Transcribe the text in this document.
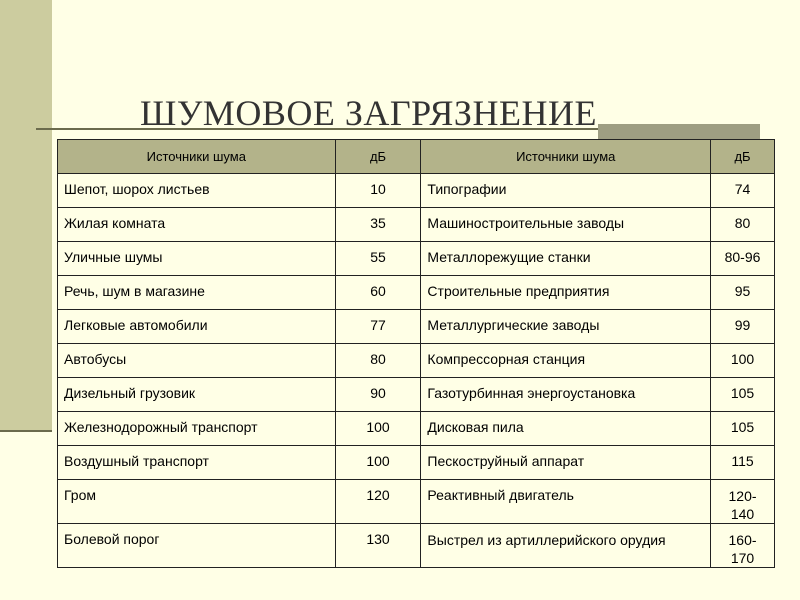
ШУМОВОЕ ЗАГРЯЗНЕНИЕ
Источники шума	дБ	Источники шума	дБ
Шепот, шорох листьев	10	Типографии	74
Жилая комната	35	Машиностроительные заводы	80
Уличные шумы	55	Металлорежущие станки	80-96
Речь, шум в магазине	60	Строительные предприятия	95
Легковые автомобили	77	Металлургические заводы	99
Автобусы	80	Компрессорная станция	100
Дизельный грузовик	90	Газотурбинная энергоустановка	105
Железнодорожный транспорт	100	Дисковая пила	105
Воздушный транспорт	100	Пескоструйный аппарат	115
Гром	120	Реактивный двигатель	120-140
Болевой порог	130	Выстрел из артиллерийского орудия	160-170
